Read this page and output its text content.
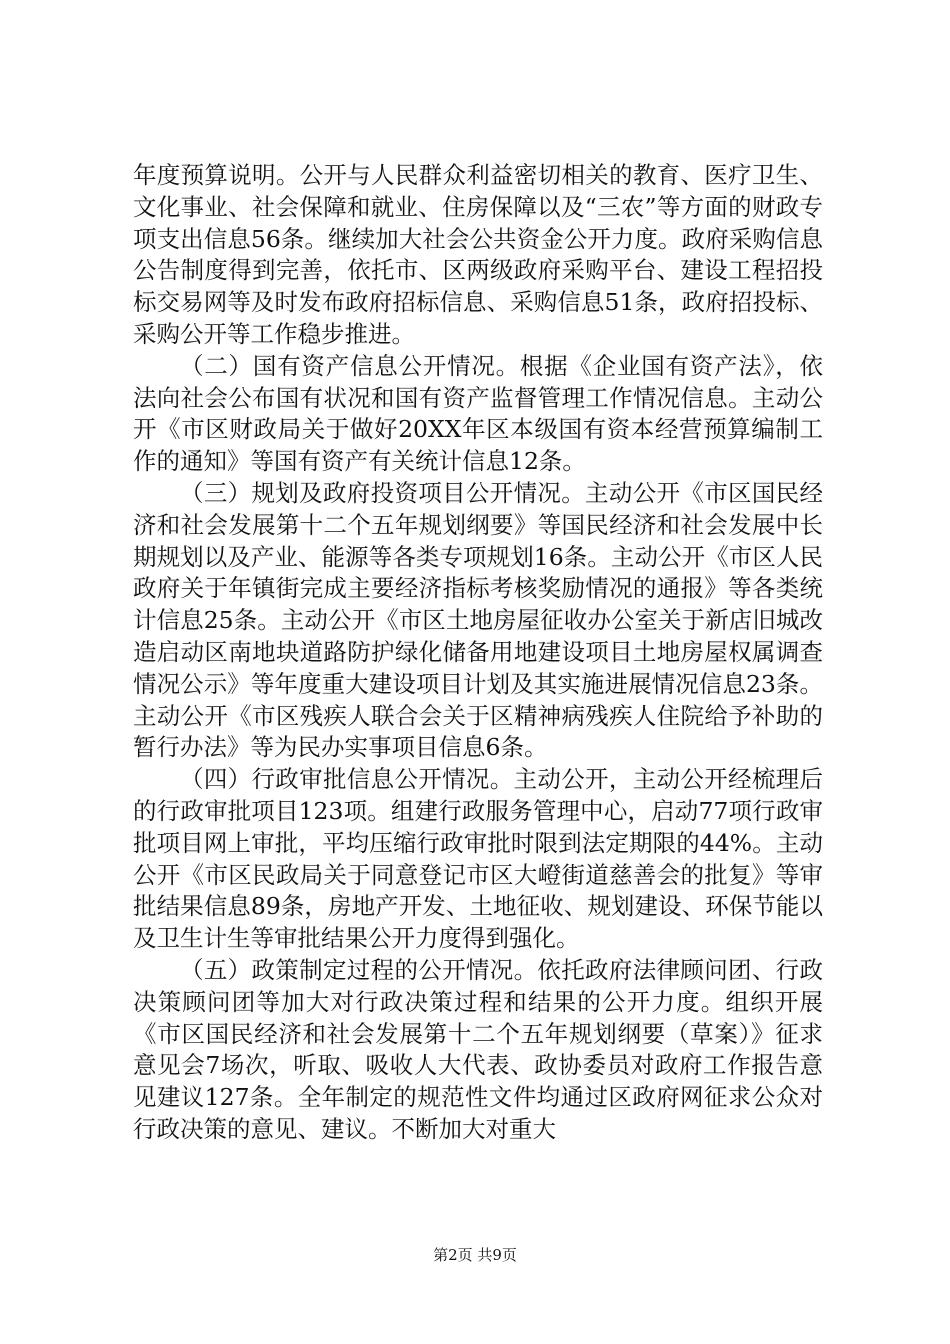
年度预算说明。公开与人民群众利益密切相关的教育、医疗卫生、文化事业、社会保障和就业、住房保障以及“三农”等方面的财政专项支出信息56条。继续加大社会公共资金公开力度。政府采购信息公告制度得到完善，依托市、区两级政府采购平台、建设工程招投标交易网等及时发布政府招标信息、采购信息51条，政府招投标、采购公开等工作稳步推进。

（二）国有资产信息公开情况。根据《企业国有资产法》，依法向社会公布国有状况和国有资产监督管理工作情况信息。主动公开《市区财政局关于做好20XX年区本级国有资本经营预算编制工作的通知》等国有资产有关统计信息12条。

（三）规划及政府投资项目公开情况。主动公开《市区国民经济和社会发展第十二个五年规划纲要》等国民经济和社会发展中长期规划以及产业、能源等各类专项规划16条。主动公开《市区人民政府关于年镇街完成主要经济指标考核奖励情况的通报》等各类统计信息25条。主动公开《市区土地房屋征收办公室关于新店旧城改造启动区南地块道路防护绿化储备用地建设项目土地房屋权属调查情况公示》等年度重大建设项目计划及其实施进展情况信息23条。主动公开《市区残疾人联合会关于区精神病残疾人住院给予补助的暂行办法》等为民办实事项目信息6条。

（四）行政审批信息公开情况。主动公开，主动公开经梳理后的行政审批项目123项。组建行政服务管理中心，启动77项行政审批项目网上审批，平均压缩行政审批时限到法定期限的44%。主动公开《市区民政局关于同意登记市区大嶝街道慈善会的批复》等审批结果信息89条，房地产开发、土地征收、规划建设、环保节能以及卫生计生等审批结果公开力度得到强化。

（五）政策制定过程的公开情况。依托政府法律顾问团、行政决策顾问团等加大对行政决策过程和结果的公开力度。组织开展《市区国民经济和社会发展第十二个五年规划纲要（草案）》征求意见会7场次，听取、吸收人大代表、政协委员对政府工作报告意见建议127条。全年制定的规范性文件均通过区政府网征求公众对行政决策的意见、建议。不断加大对重大

第2页 共9页
